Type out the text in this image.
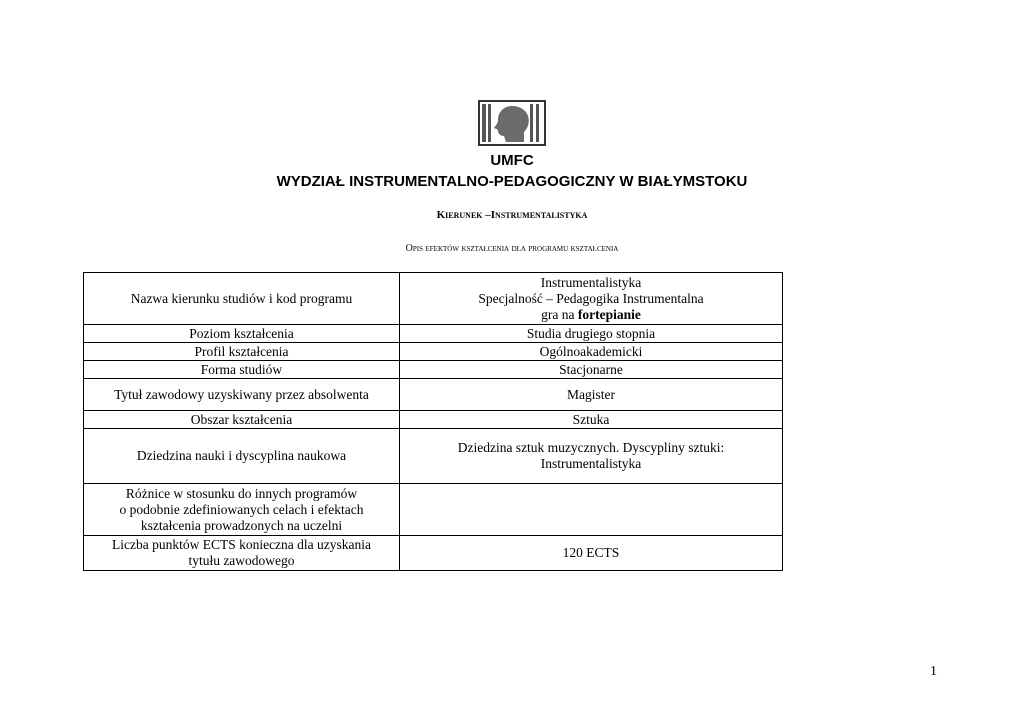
UMFC
WYDZIAŁ INSTRUMENTALNO-PEDAGOGICZNY W BIAŁYMSTOKU
Kierunek –Instrumentalistyka
Opis efektów kształcenia dla programu kształcenia
Nazwa kierunku studiów i kod programu	Instrumentalistyka
Specjalność – Pedagogika Instrumentalna
gra na fortepianie

Poziom kształcenia	Studia drugiego stopnia
Profil kształcenia	Ogólnoakademicki
Forma studiów	Stacjonarne
Tytuł zawodowy uzyskiwany przez absolwenta	Magister
Obszar kształcenia	Sztuka
Dziedzina nauki i dyscyplina naukowa	Dziedzina sztuk muzycznych. Dyscypliny sztuki:
Instrumentalistyka

Różnice w stosunku do innych programów
o podobnie zdefiniowanych celach i efektach
kształcenia prowadzonych na uczelni	

Liczba punktów ECTS konieczna dla uzyskania
tytułu zawodowego	120 ECTS
1
